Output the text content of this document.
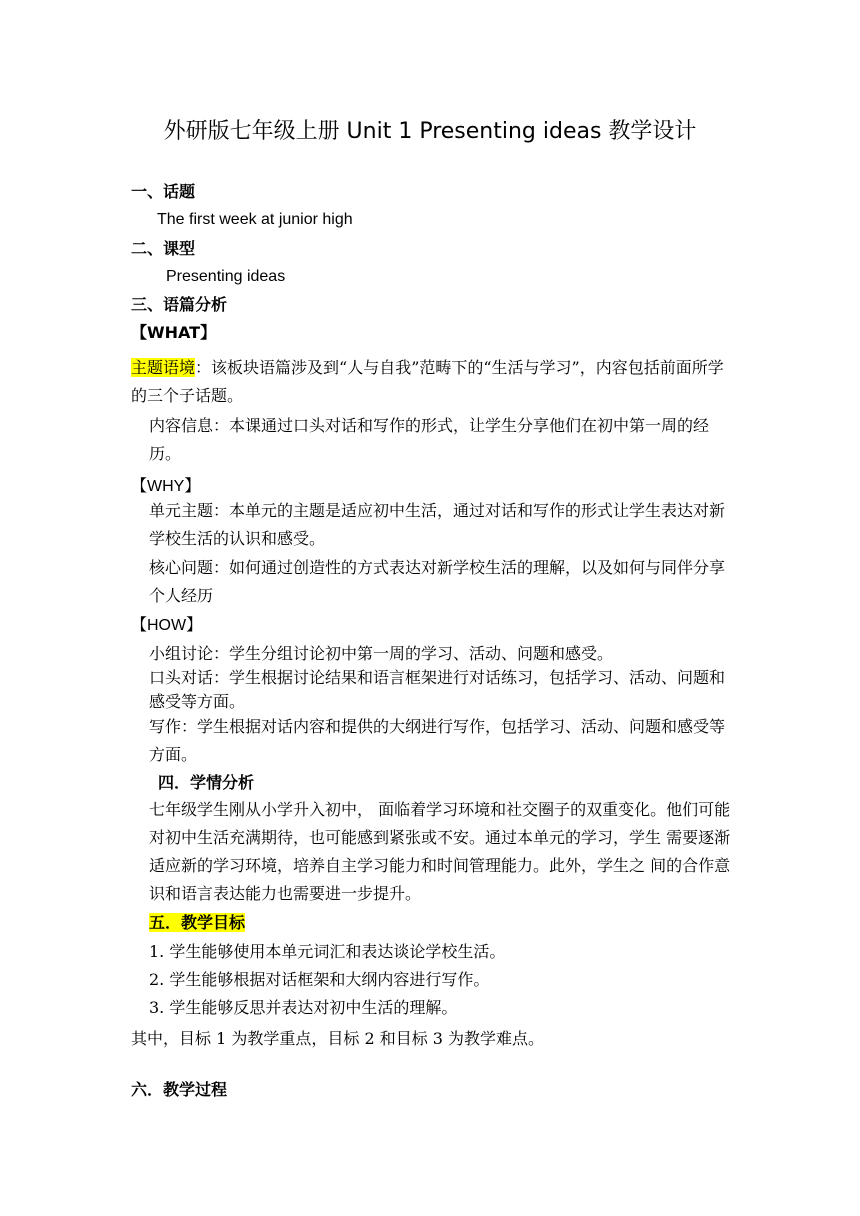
外研版七年级上册 Unit 1 Presenting ideas 教学设计
一、话题
The first week at junior high
二、课型
Presenting ideas
三、语篇分析
【WHAT】
主题语境：该板块语篇涉及到“人与自我”范畴下的“生活与学习”，内容包括前面所学的三个子话题。
内容信息：本课通过口头对话和写作的形式，让学生分享他们在初中第一周的经历。
【WHY】
单元主题：本单元的主题是适应初中生活，通过对话和写作的形式让学生表达对新学校生活的认识和感受。
核心问题：如何通过创造性的方式表达对新学校生活的理解，以及如何与同伴分享个人经历
【HOW】
小组讨论：学生分组讨论初中第一周的学习、活动、问题和感受。
口头对话：学生根据讨论结果和语言框架进行对话练习，包括学习、活动、问题和感受等方面。
写作：学生根据对话内容和提供的大纲进行写作，包括学习、活动、问题和感受等方面。
四．学情分析
七年级学生刚从小学升入初中， 面临着学习环境和社交圈子的双重变化。他们可能对初中生活充满期待，也可能感到紧张或不安。通过本单元的学习，学生 需要逐渐适应新的学习环境，培养自主学习能力和时间管理能力。此外，学生之 间的合作意识和语言表达能力也需要进一步提升。
五．教学目标
1. 学生能够使用本单元词汇和表达谈论学校生活。
2. 学生能够根据对话框架和大纲内容进行写作。
3. 学生能够反思并表达对初中生活的理解。
其中，目标 1 为教学重点，目标 2 和目标 3 为教学难点。
六．教学过程
